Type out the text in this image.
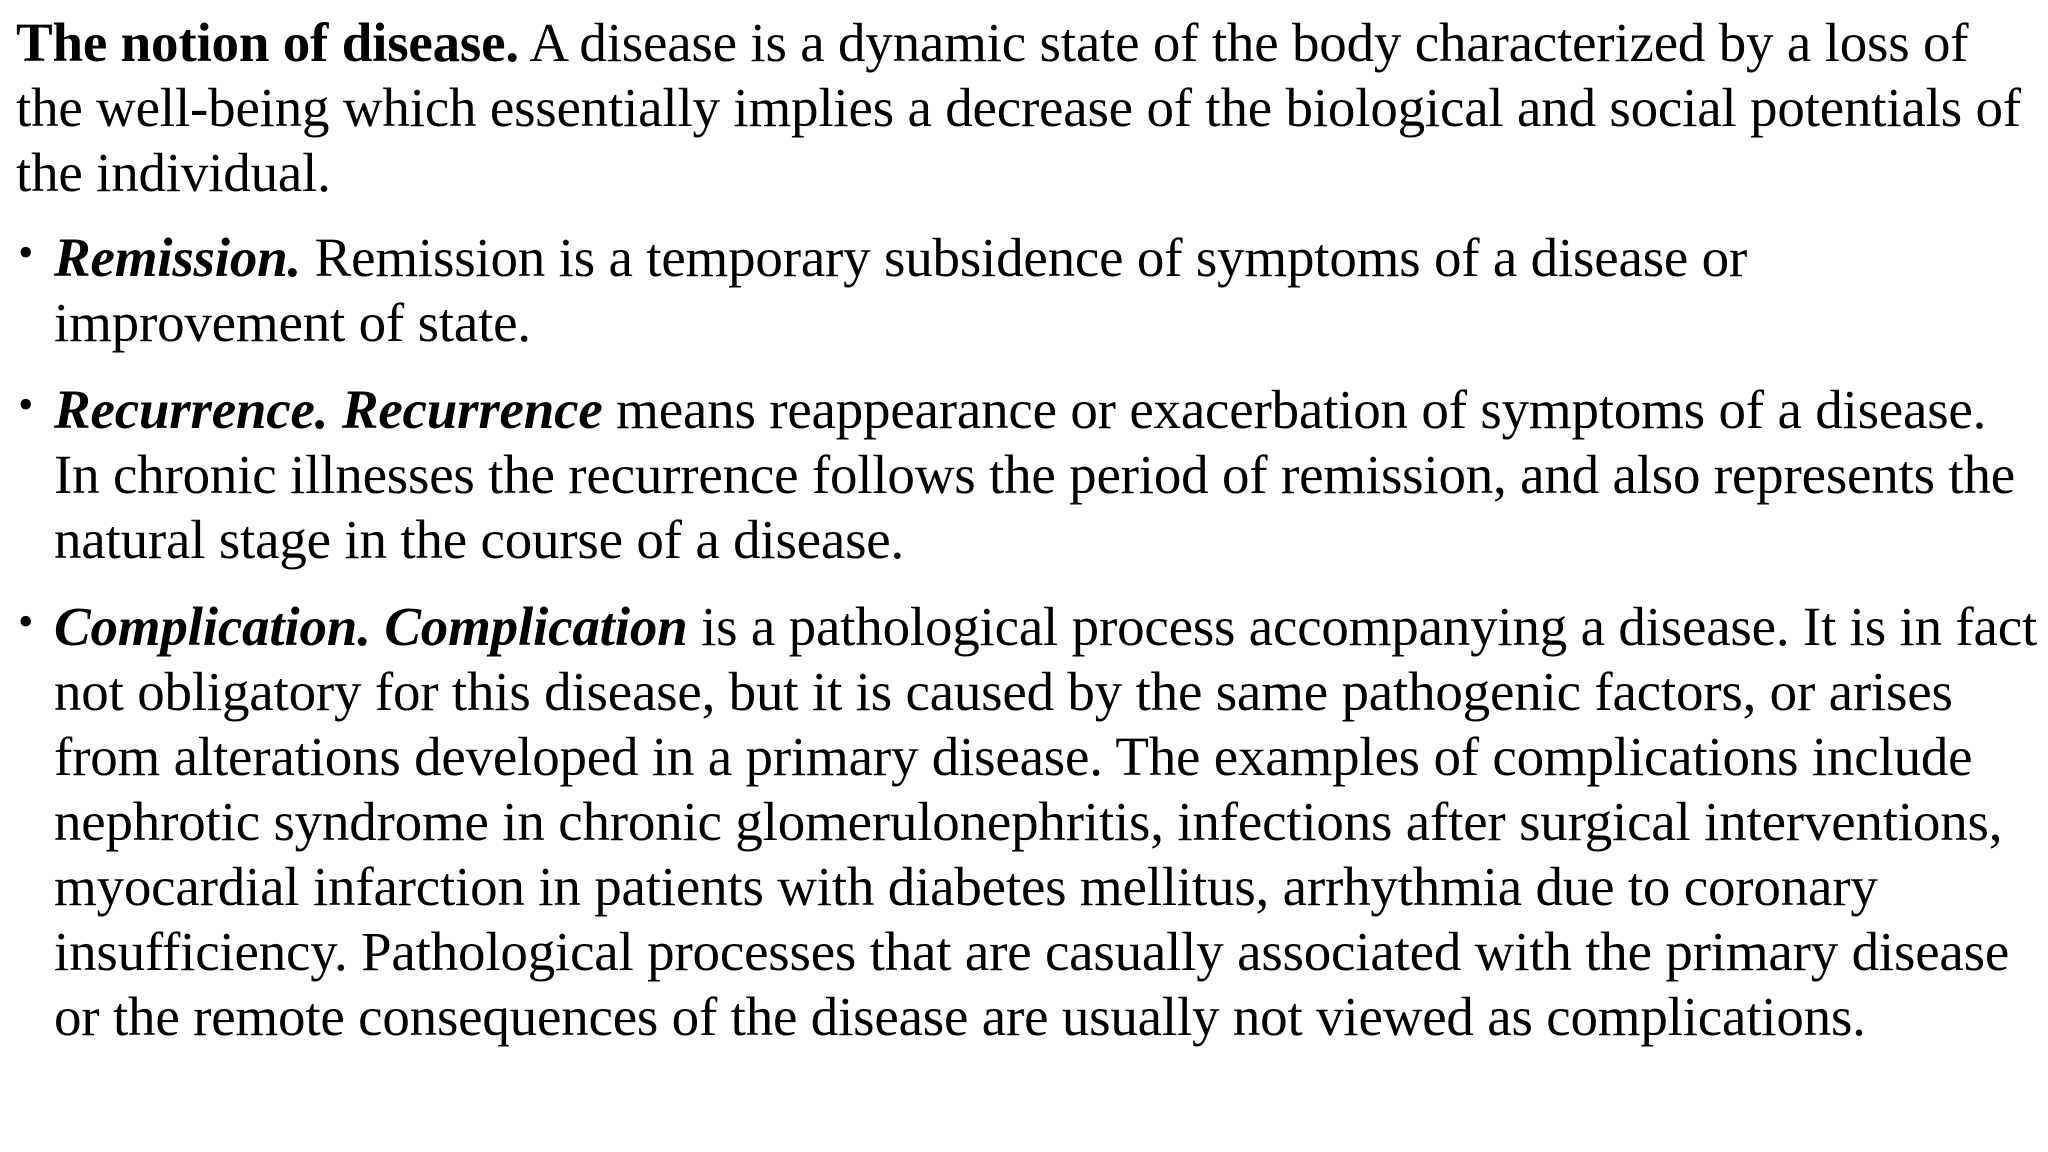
The notion of disease. A disease is a dynamic state of the body characterized by a loss of the well-being which essentially implies a decrease of the biological and social potentials of the individual.

• Remission. Remission is a temporary subsidence of symptoms of a disease or improvement of state.
• Recurrence. Recurrence means reappearance or exacerbation of symptoms of a disease. In chronic illnesses the recurrence follows the period of remission, and also represents the natural stage in the course of a disease.
• Complication. Complication is a pathological process accompanying a disease. It is in fact not obligatory for this disease, but it is caused by the same pathogenic factors, or arises from alterations developed in a primary disease. The examples of complications include nephrotic syndrome in chronic glomerulonephritis, infections after surgical interventions, myocardial infarction in patients with diabetes mellitus, arrhythmia due to coronary insufficiency. Pathological processes that are casually associated with the primary disease or the remote consequences of the disease are usually not viewed as complications.
